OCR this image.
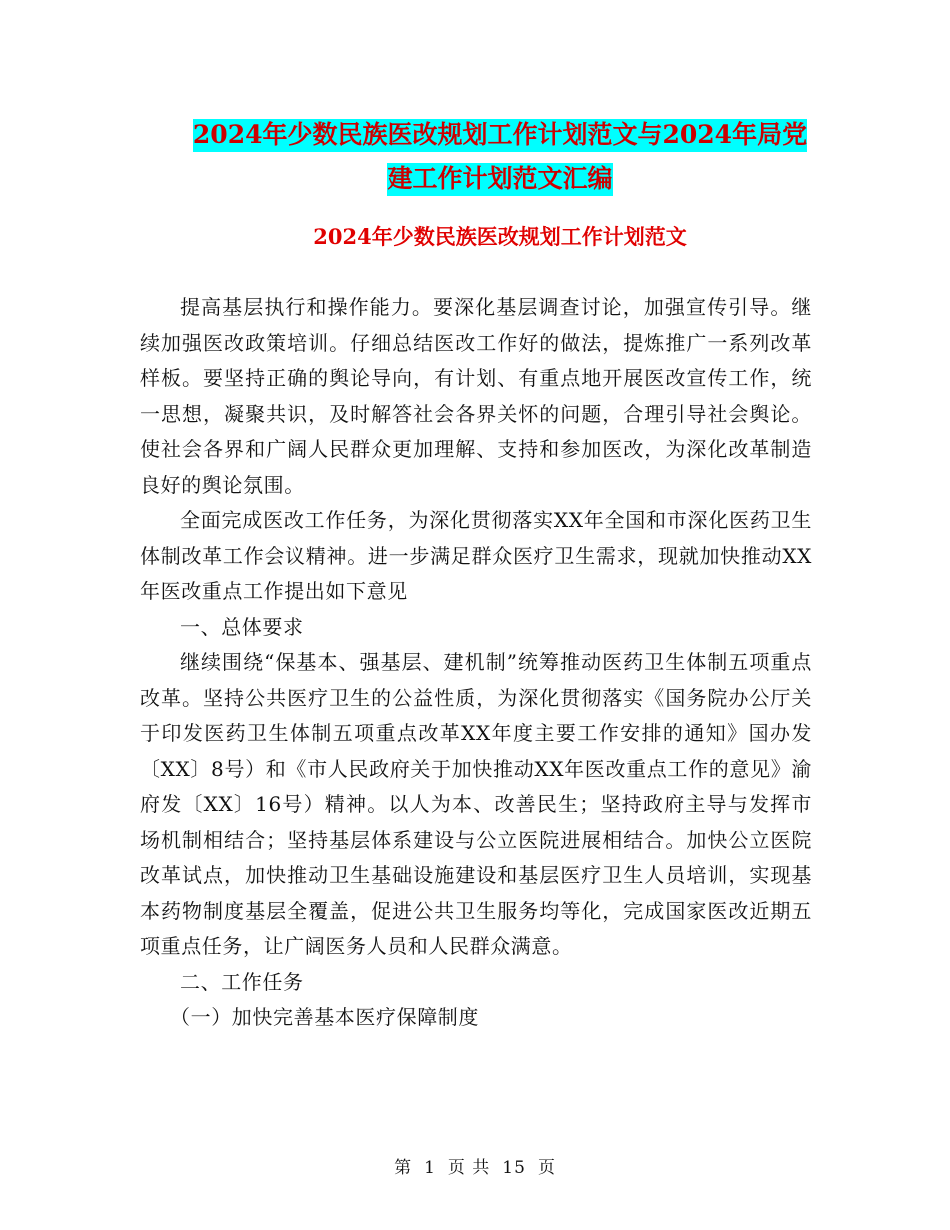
2024年少数民族医改规划工作计划范文与2024年局党
建工作计划范文汇编
2024年少数民族医改规划工作计划范文

提高基层执行和操作能力。要深化基层调查讨论，加强宣传引导。继续加强医改政策培训。仔细总结医改工作好的做法，提炼推广一系列改革样板。要坚持正确的舆论导向，有计划、有重点地开展医改宣传工作，统一思想，凝聚共识，及时解答社会各界关怀的问题，合理引导社会舆论。使社会各界和广阔人民群众更加理解、支持和参加医改，为深化改革制造良好的舆论氛围。

全面完成医改工作任务，为深化贯彻落实XX年全国和市深化医药卫生体制改革工作会议精神。进一步满足群众医疗卫生需求，现就加快推动XX年医改重点工作提出如下意见

一、总体要求

继续围绕“保基本、强基层、建机制”统筹推动医药卫生体制五项重点改革。坚持公共医疗卫生的公益性质，为深化贯彻落实《国务院办公厅关于印发医药卫生体制五项重点改革XX年度主要工作安排的通知》国办发〔XX〕8号）和《市人民政府关于加快推动XX年医改重点工作的意见》渝府发〔XX〕16号）精神。以人为本、改善民生；坚持政府主导与发挥市场机制相结合；坚持基层体系建设与公立医院进展相结合。加快公立医院改革试点，加快推动卫生基础设施建设和基层医疗卫生人员培训，实现基本药物制度基层全覆盖，促进公共卫生服务均等化，完成国家医改近期五项重点任务，让广阔医务人员和人民群众满意。

二、工作任务

（一）加快完善基本医疗保障制度

第 1 页 共 15 页
